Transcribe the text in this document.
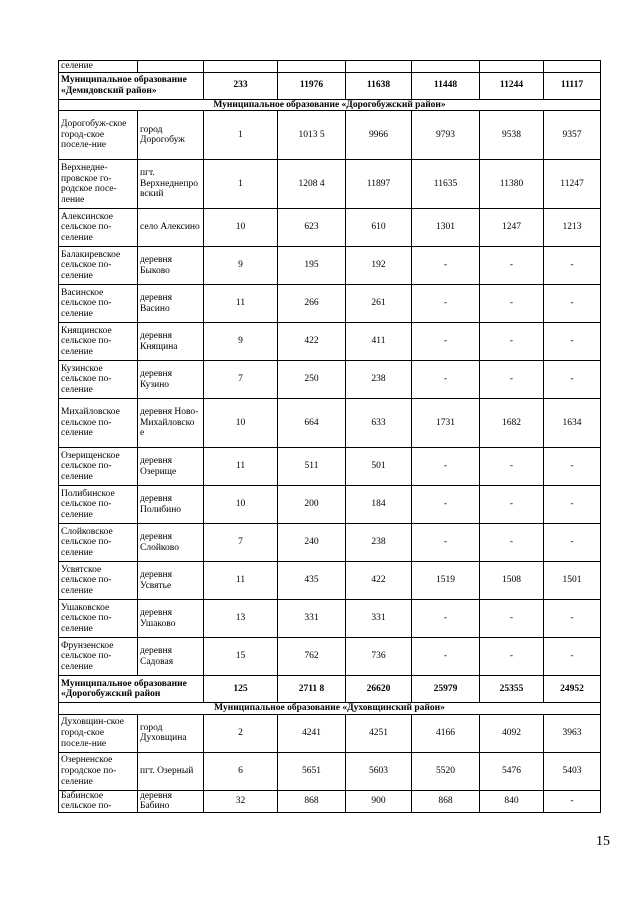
селение							
Муниципальное образование «Демидовский район»		233	11976	11638	11448	11244	11117
Муниципальное образование «Дорогобужский район»							
Дорогобуж-ское город-ское поселе-ние	город Дорогобуж	1	1013 5	9966	9793	9538	9357
Верхнедне-провское го-родское посе-ление	пгт. Верхнеднепро вский	1	1208 4	11897	11635	11380	11247
Алексинское сельское по-селение	село Алексино	10	623	610	1301	1247	1213
Балакиревское сельское по-селение	деревня Быково	9	195	192	-	-	-
Васинское сельское по-селение	деревня Васино	11	266	261	-	-	-
Княщинское сельское по-селение	деревня Княщина	9	422	411	-	-	-
Кузинское сельское по-селение	деревня Кузино	7	250	238	-	-	-
Михайловское сельское по-селение	деревня Ново-Михайловско е	10	664	633	1731	1682	1634
Озерищенское сельское по-селение	деревня Озерище	11	511	501	-	-	-
Полибинское сельское по-селение	деревня Полибино	10	200	184	-	-	-
Слойковское сельское по-селение	деревня Слойково	7	240	238	-	-	-
Усвятское сельское по-селение	деревня Усвятье	11	435	422	1519	1508	1501
Ушаковское сельское по-селение	деревня Ушаково	13	331	331	-	-	-
Фрунзенское сельское по-селение	деревня Садовая	15	762	736	-	-	-
Муниципальное образование «Дорогобужский район		125	2711 8	26620	25979	25355	24952
Муниципальное образование «Духовщинский район»							
Духовщин-ское город-ское поселе-ние	город Духовщина	2	4241	4251	4166	4092	3963
Озерненское городское по-селение	пгт. Озерный	6	5651	5603	5520	5476	5403
Бабинское сельское по-	деревня Бабино	32	868	900	868	840	-
15
